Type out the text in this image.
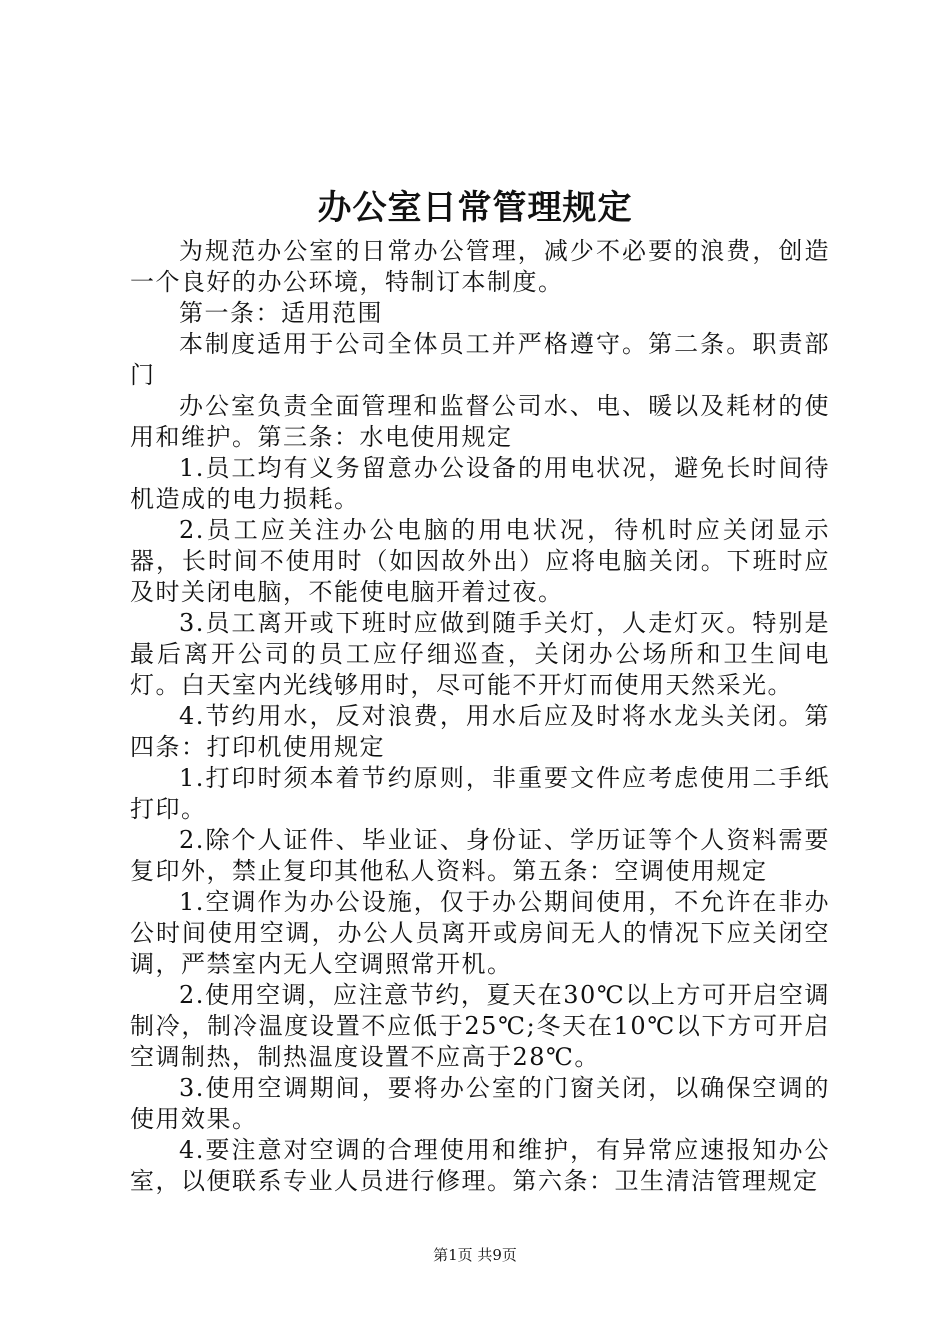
办公室日常管理规定

为规范办公室的日常办公管理，减少不必要的浪费，创造一个良好的办公环境，特制订本制度。

第一条：适用范围

本制度适用于公司全体员工并严格遵守。第二条。职责部门

办公室负责全面管理和监督公司水、电、暖以及耗材的使用和维护。第三条：水电使用规定

1.员工均有义务留意办公设备的用电状况，避免长时间待机造成的电力损耗。

2.员工应关注办公电脑的用电状况，待机时应关闭显示器，长时间不使用时（如因故外出）应将电脑关闭。下班时应及时关闭电脑，不能使电脑开着过夜。

3.员工离开或下班时应做到随手关灯，人走灯灭。特别是最后离开公司的员工应仔细巡查，关闭办公场所和卫生间电灯。白天室内光线够用时，尽可能不开灯而使用天然采光。

4.节约用水，反对浪费，用水后应及时将水龙头关闭。第四条：打印机使用规定

1.打印时须本着节约原则，非重要文件应考虑使用二手纸打印。

2.除个人证件、毕业证、身份证、学历证等个人资料需要复印外，禁止复印其他私人资料。第五条：空调使用规定

1.空调作为办公设施，仅于办公期间使用，不允许在非办公时间使用空调，办公人员离开或房间无人的情况下应关闭空调，严禁室内无人空调照常开机。

2.使用空调，应注意节约，夏天在30℃以上方可开启空调制冷，制冷温度设置不应低于25℃;冬天在10℃以下方可开启空调制热，制热温度设置不应高于28℃。

3.使用空调期间，要将办公室的门窗关闭，以确保空调的使用效果。

4.要注意对空调的合理使用和维护，有异常应速报知办公室，以便联系专业人员进行修理。第六条：卫生清洁管理规定

第1页 共9页
